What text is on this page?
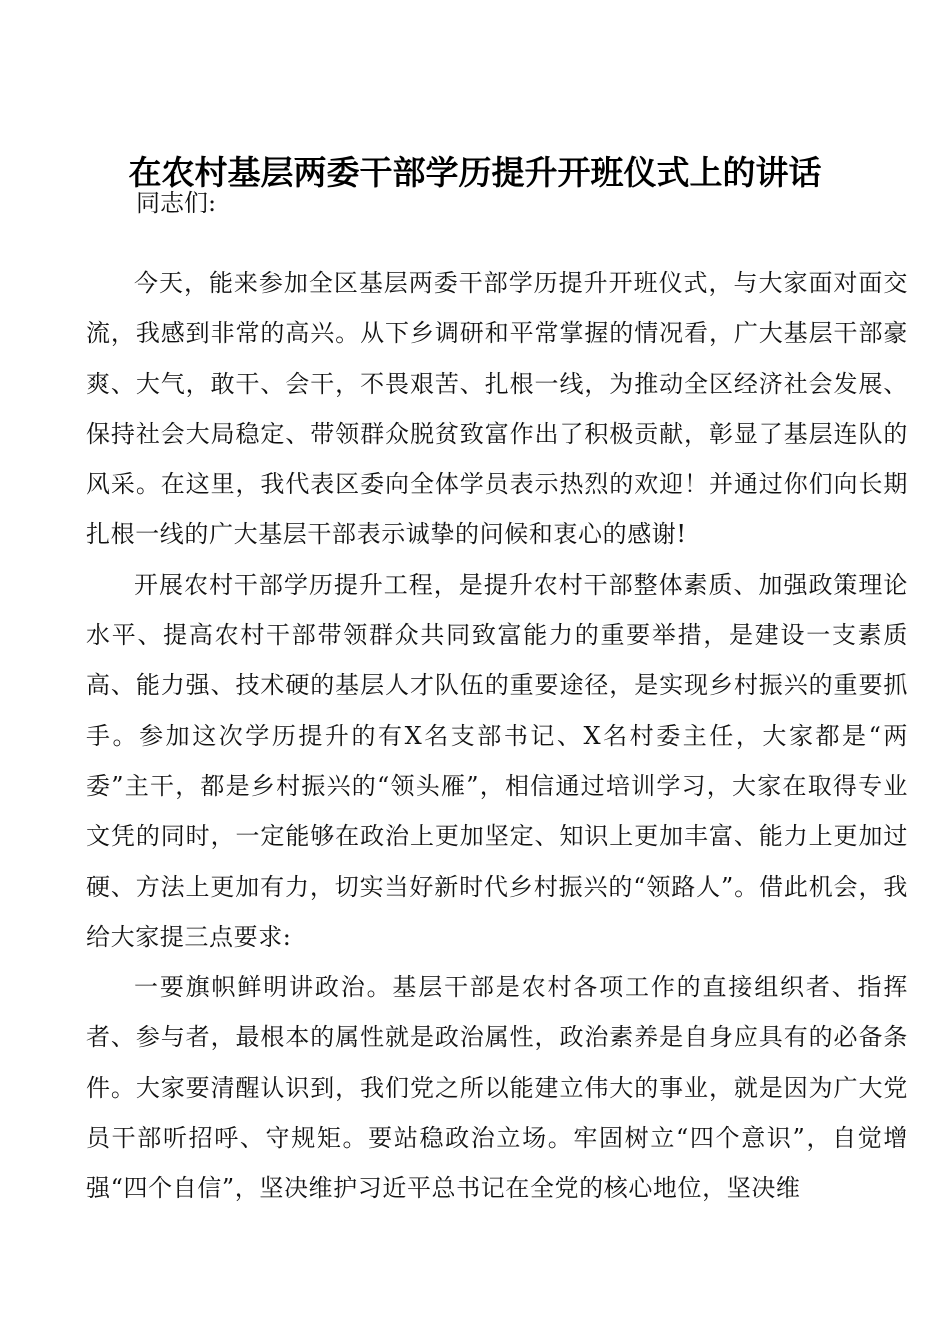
在农村基层两委干部学历提升开班仪式上的讲话
同志们:

今天，能来参加全区基层两委干部学历提升开班仪式，与大家面对面交流，我感到非常的高兴。从下乡调研和平常掌握的情况看，广大基层干部豪爽、大气，敢干、会干，不畏艰苦、扎根一线，为推动全区经济社会发展、保持社会大局稳定、带领群众脱贫致富作出了积极贡献，彰显了基层连队的风采。在这里，我代表区委向全体学员表示热烈的欢迎！并通过你们向长期扎根一线的广大基层干部表示诚挚的问候和衷心的感谢!

开展农村干部学历提升工程，是提升农村干部整体素质、加强政策理论水平、提高农村干部带领群众共同致富能力的重要举措，是建设一支素质高、能力强、技术硬的基层人才队伍的重要途径，是实现乡村振兴的重要抓手。参加这次学历提升的有X名支部书记、X名村委主任，大家都是“两委”主干，都是乡村振兴的“领头雁”，相信通过培训学习，大家在取得专业文凭的同时，一定能够在政治上更加坚定、知识上更加丰富、能力上更加过硬、方法上更加有力，切实当好新时代乡村振兴的“领路人”。借此机会，我给大家提三点要求:

一要旗帜鲜明讲政治。基层干部是农村各项工作的直接组织者、指挥者、参与者，最根本的属性就是政治属性，政治素养是自身应具有的必备条件。大家要清醒认识到，我们党之所以能建立伟大的事业，就是因为广大党员干部听招呼、守规矩。要站稳政治立场。牢固树立“四个意识”，自觉增强“四个自信”，坚决维护习近平总书记在全党的核心地位，坚决维
